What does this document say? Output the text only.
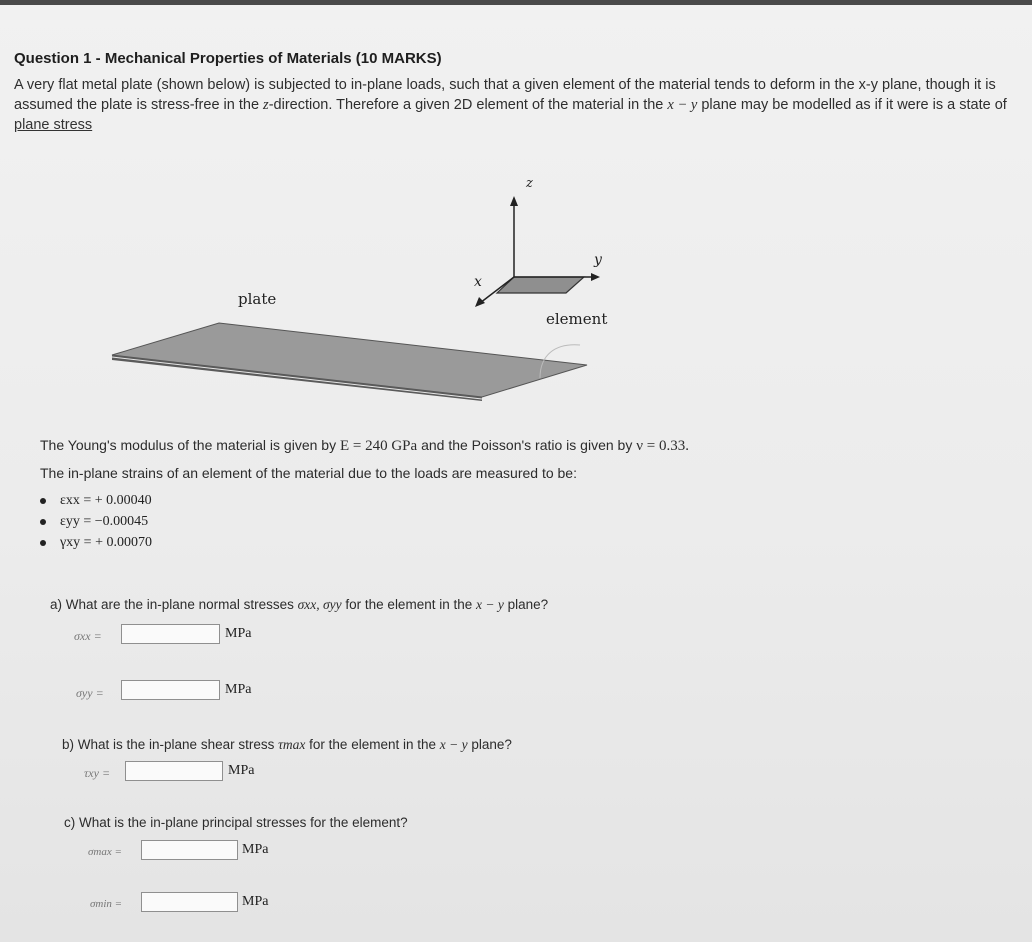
Question 1 - Mechanical Properties of Materials (10 MARKS)
A very flat metal plate (shown below) is subjected to in-plane loads, such that a given element of the material tends to deform in the x-y plane, though it is assumed the plate is stress-free in the z-direction. Therefore a given 2D element of the material in the x − y plane may be modelled as if it were is a state of
plane stress
plate
element
z
y
x
The Young's modulus of the material is given by E = 240 GPa and the Poisson's ratio is given by ν = 0.33.
The in-plane strains of an element of the material due to the loads are measured to be:
εxx = + 0.00040
εyy = −0.00045
γxy = + 0.00070
a) What are the in-plane normal stresses σxx, σyy for the element in the x − y plane?
σxx =	MPa
σyy =	MPa
b) What is the in-plane shear stress τmax for the element in the x − y plane?
τxy =	MPa
c) What is the in-plane principal stresses for the element?
σmax =	MPa
σmin =	MPa
